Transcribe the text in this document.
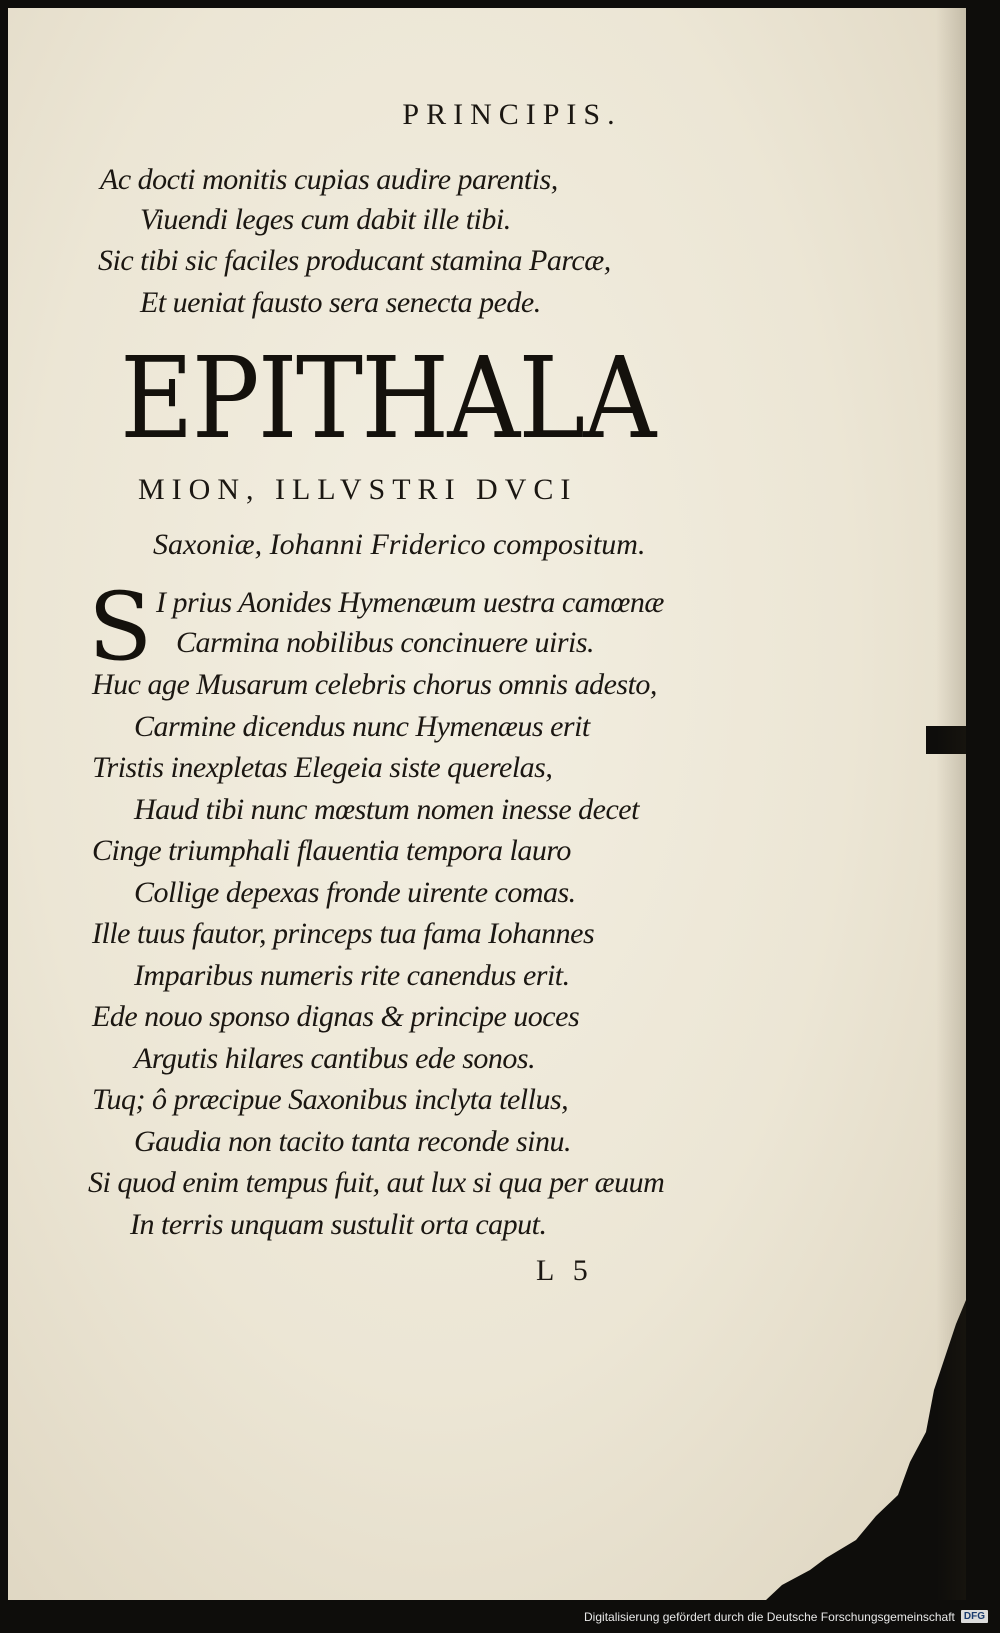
PRINCIPIS.
Ac docti monitis cupias audire parentis,
Viuendi leges cum dabit ille tibi.
Sic tibi sic faciles producant stamina Parcæ,
Et ueniat fausto sera senecta pede.
EPITHALA
MION, ILLVSTRI DVCI
Saxoniæ, Iohanni Friderico compositum.
S I prius Aonides Hymenæum uestra camœnæ
Carmina nobilibus concinuere uiris.
Huc age Musarum celebris chorus omnis adesto,
Carmine dicendus nunc Hymenæus erit
Tristis inexpletas Elegeia siste querelas,
Haud tibi nunc mœstum nomen inesse decet
Cinge triumphali flauentia tempora lauro
Collige depexas fronde uirente comas.
Ille tuus fautor, princeps tua fama Iohannes
Imparibus numeris rite canendus erit.
Ede nouo sponso dignas & principe uoces
Argutis hilares cantibus ede sonos.
Tuq; ô præcipue Saxonibus inclyta tellus,
Gaudia non tacito tanta reconde sinu.
Si quod enim tempus fuit, aut lux si qua per æuum
In terris unquam sustulit orta caput.
L 5
Digitalisierung gefördert durch die Deutsche Forschungsgemeinschaft DFG
